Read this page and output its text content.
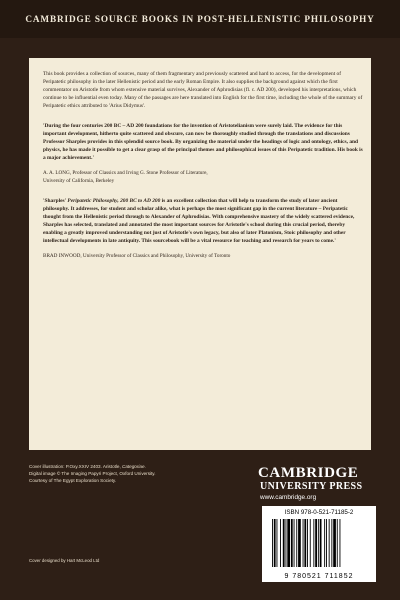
CAMBRIDGE SOURCE BOOKS IN POST-HELLENISTIC PHILOSOPHY

This book provides a collection of sources, many of them fragmentary and previously scattered and hard to access, for the development of Peripatetic philosophy in the later Hellenistic period and the early Roman Empire. It also supplies the background against which the first commentator on Aristotle from whom extensive material survives, Alexander of Aphrodisias (fl. c. AD 200), developed his interpretations, which continue to be influential even today. Many of the passages are here translated into English for the first time, including the whole of the summary of Peripatetic ethics attributed to 'Arius Didymus'.

'During the four centuries 200 BC – AD 200 foundations for the invention of Aristotelianism were surely laid. The evidence for this important development, hitherto quite scattered and obscure, can now be thoroughly studied through the translations and discussions Professor Sharples provides in this splendid source book. By organizing the material under the headings of logic and ontology, ethics, and physics, he has made it possible to get a clear grasp of the principal themes and philosophical issues of this Peripatetic tradition. His book is a major achievement.'

A. A. LONG, Professor of Classics and Irving G. Stone Professor of Literature,
University of California, Berkeley

'Sharples' Peripatetic Philosophy, 200 BC to AD 200 is an excellent collection that will help to transform the study of later ancient philosophy. It addresses, for student and scholar alike, what is perhaps the most significant gap in the current literature – Peripatetic thought from the Hellenistic period through to Alexander of Aphrodisias. With comprehensive mastery of the widely scattered evidence, Sharples has selected, translated and annotated the most important sources for Aristotle's school during this crucial period, thereby enabling a greatly improved understanding not just of Aristotle's own legacy, but also of later Platonism, Stoic philosophy and other intellectual developments in late antiquity. This sourcebook will be a vital resource for teaching and research for years to come.'

BRAD INWOOD, University Professor of Classics and Philosophy, University of Toronto

Cover illustration: P.Oxy.XXIV 2403. Aristotle, Categoriae.
Digital image © The Imaging Papyri Project, Oxford University.
Courtesy of The Egypt Exploration Society.
Cover designed by Hart McLeod Ltd
CAMBRIDGE
UNIVERSITY PRESS
www.cambridge.org
ISBN 978-0-521-71185-2
9 780521 711852
